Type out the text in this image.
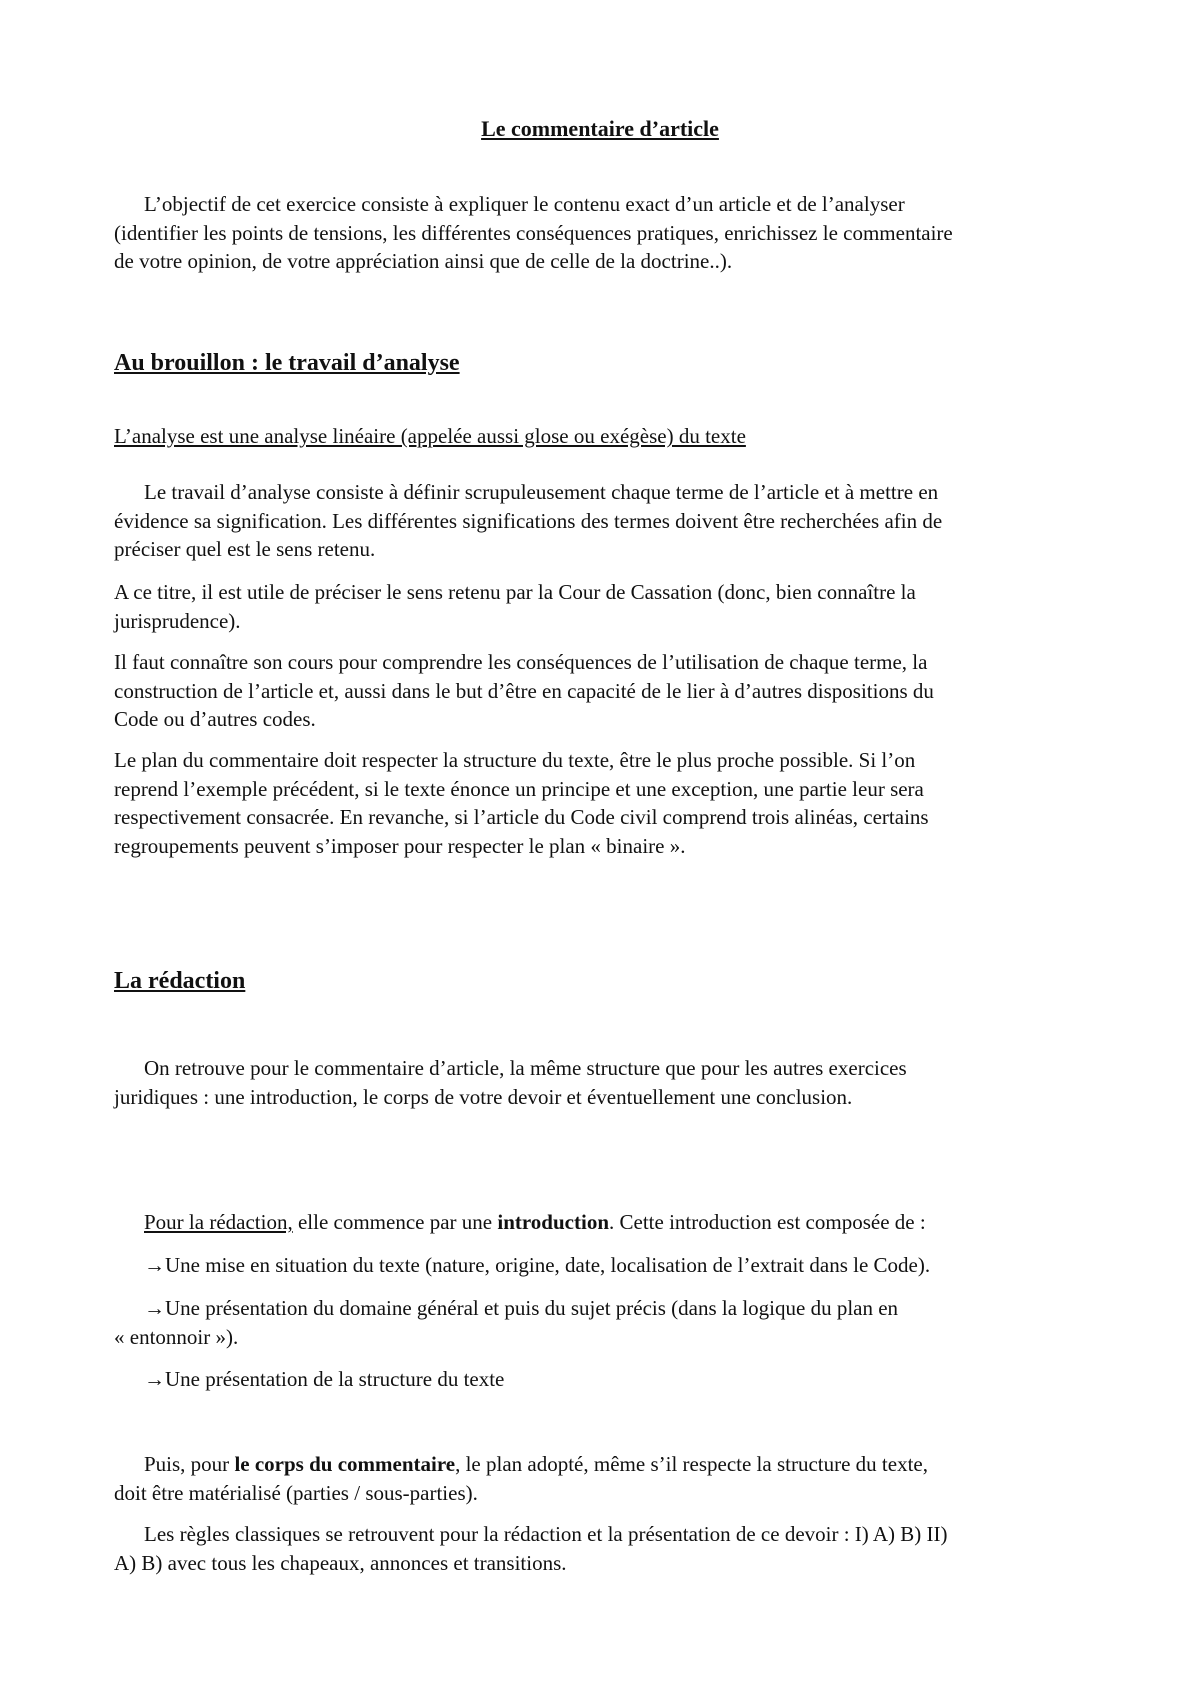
Le commentaire d’article

L’objectif de cet exercice consiste à expliquer le contenu exact d’un article et de l’analyser
(identifier les points de tensions, les différentes conséquences pratiques, enrichissez le commentaire
de votre opinion, de votre appréciation ainsi que de celle de la doctrine..).

Au brouillon : le travail d’analyse

L’analyse est une analyse linéaire (appelée aussi glose ou exégèse) du texte

Le travail d’analyse consiste à définir scrupuleusement chaque terme de l’article et à mettre en
évidence sa signification. Les différentes significations des termes doivent être recherchées afin de
préciser quel est le sens retenu.

A ce titre, il est utile de préciser le sens retenu par la Cour de Cassation (donc, bien connaître la
jurisprudence).

Il faut connaître son cours pour comprendre les conséquences de l’utilisation de chaque terme, la
construction de l’article et, aussi dans le but d’être en capacité de le lier à d’autres dispositions du
Code ou d’autres codes.

Le plan du commentaire doit respecter la structure du texte, être le plus proche possible. Si l’on
reprend l’exemple précédent, si le texte énonce un principe et une exception, une partie leur sera
respectivement consacrée. En revanche, si l’article du Code civil comprend trois alinéas, certains
regroupements peuvent s’imposer pour respecter le plan « binaire ».

La rédaction

On retrouve pour le commentaire d’article, la même structure que pour les autres exercices
juridiques : une introduction, le corps de votre devoir et éventuellement une conclusion.

Pour la rédaction, elle commence par une introduction. Cette introduction est composée de :

→Une mise en situation du texte (nature, origine, date, localisation de l’extrait dans le Code).

→Une présentation du domaine général et puis du sujet précis (dans la logique du plan en
« entonnoir »).

→Une présentation de la structure du texte

Puis, pour le corps du commentaire, le plan adopté, même s’il respecte la structure du texte,
doit être matérialisé (parties / sous-parties).

Les règles classiques se retrouvent pour la rédaction et la présentation de ce devoir : I) A) B) II)
A) B) avec tous les chapeaux, annonces et transitions.
